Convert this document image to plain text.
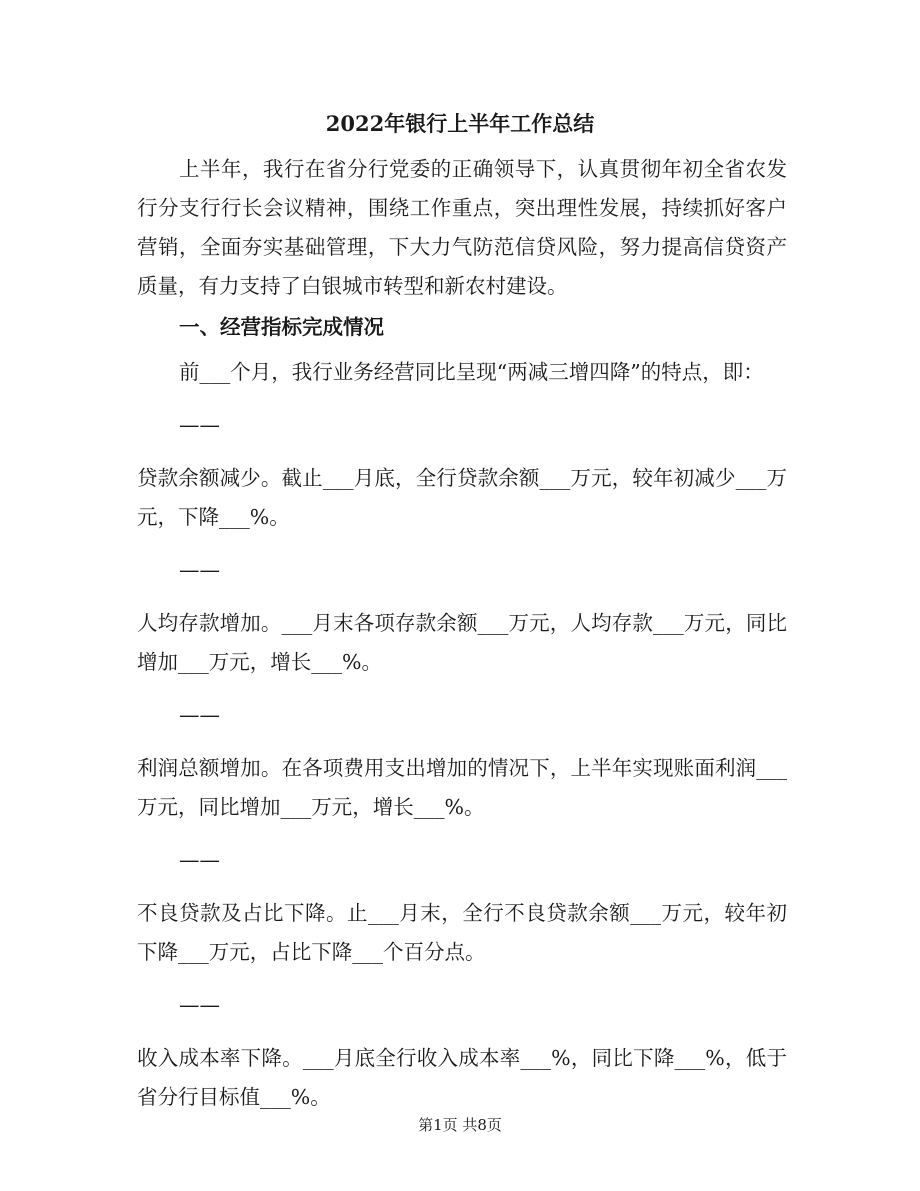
2022年银行上半年工作总结

上半年，我行在省分行党委的正确领导下，认真贯彻年初全省农发行分支行行长会议精神，围绕工作重点，突出理性发展，持续抓好客户营销，全面夯实基础管理，下大力气防范信贷风险，努力提高信贷资产质量，有力支持了白银城市转型和新农村建设。

一、经营指标完成情况

前___个月，我行业务经营同比呈现“两减三增四降”的特点，即：

——

贷款余额减少。截止___月底，全行贷款余额___万元，较年初减少___万元，下降___%。

——

人均存款增加。___月末各项存款余额___万元，人均存款___万元，同比增加___万元，增长___%。

——

利润总额增加。在各项费用支出增加的情况下，上半年实现账面利润___万元，同比增加___万元，增长___%。

——

不良贷款及占比下降。止___月末，全行不良贷款余额___万元，较年初下降___万元，占比下降___个百分点。

——

收入成本率下降。___月底全行收入成本率___%，同比下降___%，低于省分行目标值___%。

第1页 共8页
